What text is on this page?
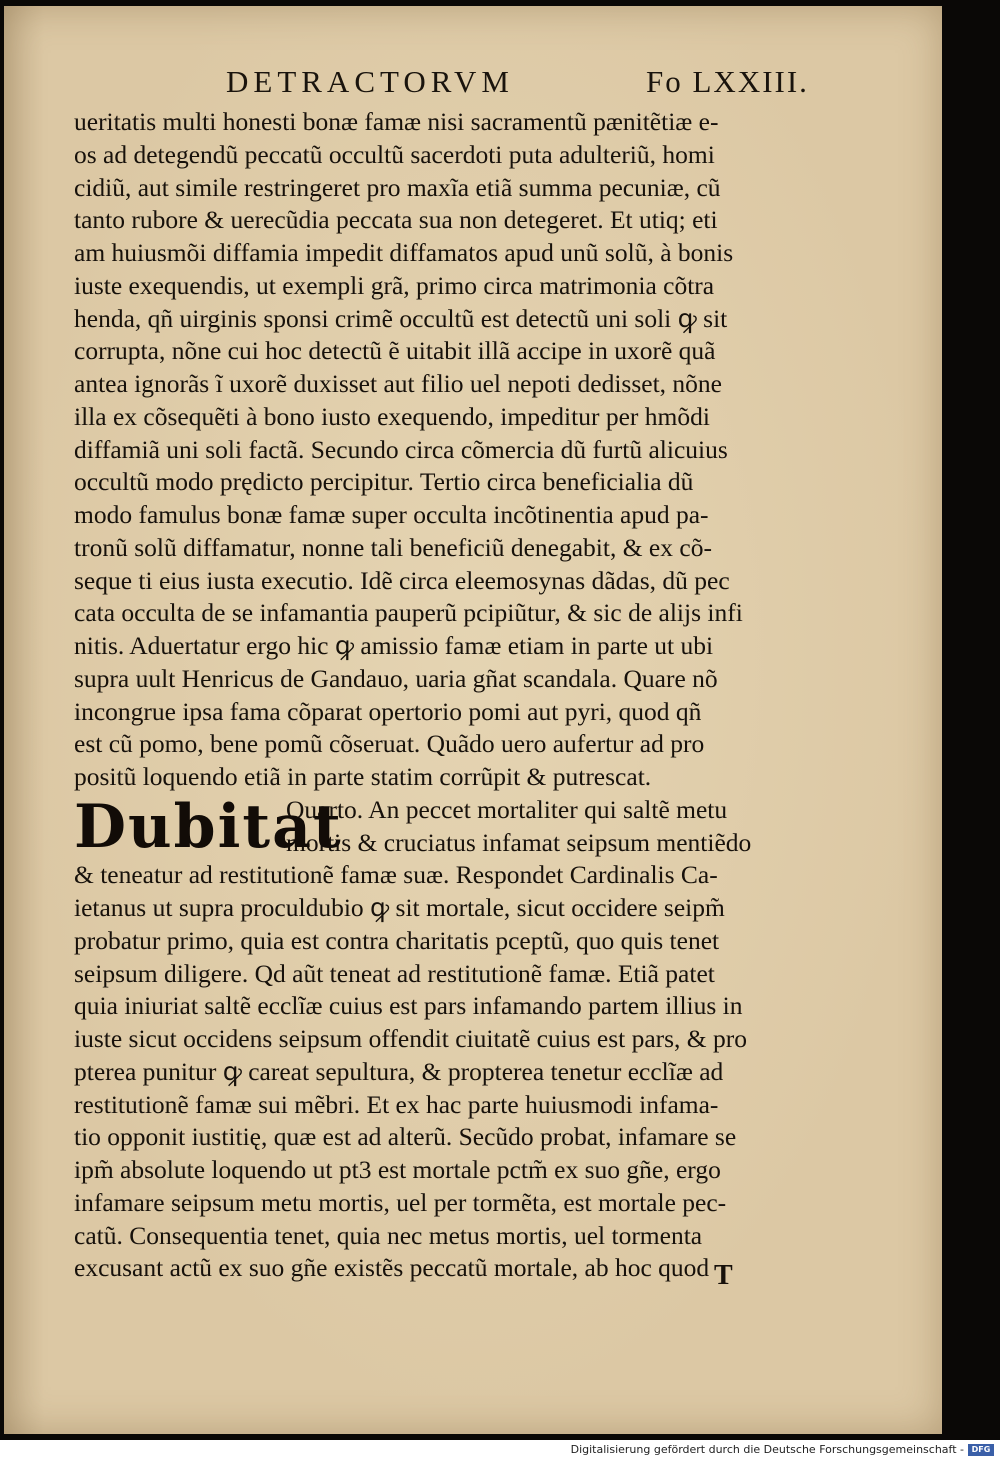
DETRACTORVM	Fo LXXIII.
ueritatis multi honesti bonæ famæ nisi sacramentũ pænitẽtiæ e-
os ad detegendũ peccatũ occultũ sacerdoti puta adulteriũ, homi
cidiũ, aut simile restringeret pro maxĩa etiã summa pecuniæ, cũ
tanto rubore & uerecũdia peccata sua non detegeret. Et utiq; eti
am huiusmõi diffamia impedit diffamatos apud unũ solũ, à bonis
iuste exequendis, ut exempli grã, primo circa matrimonia cõtra
henda, qñ uirginis sponsi crimẽ occultũ est detectũ uni soli ꝙ sit
corrupta, nõne cui hoc detectũ ẽ uitabit illã accipe in uxorẽ quã
antea ignorãs ĩ uxorẽ duxisset aut filio uel nepoti dedisset, nõne
illa ex cõsequẽti à bono iusto exequendo, impeditur per hmõdi
diffamiã uni soli factã. Secundo circa cõmercia dũ furtũ alicuius
occultũ modo prędicto percipitur. Tertio circa beneficialia dũ
modo famulus bonæ famæ super occulta incõtinentia apud pa-
tronũ solũ diffamatur, nonne tali beneficiũ denegabit, & ex cõ-
seque ti eius iusta executio. Idẽ circa eleemosynas dãdas, dũ pec
cata occulta de se infamantia pauperũ pcipiũtur, & sic de alijs infi
nitis. Aduertatur ergo hic ꝙ amissio famæ etiam in parte ut ubi
supra uult Henricus de Gandauo, uaria gñat scandala. Quare nõ
incongrue ipsa fama cõparat opertorio pomi aut pyri, quod qñ
est cũ pomo, bene pomũ cõseruat. Quãdo uero aufertur ad pro
positũ loquendo etiã in parte statim corrũpit & putrescat.
Dubitat
Quarto. An peccet mortaliter qui saltẽ metu
mortis & cruciatus infamat seipsum mentiẽdo
& teneatur ad restitutionẽ famæ suæ. Respondet Cardinalis Ca-
ietanus ut supra proculdubio ꝙ sit mortale, sicut occidere seipm̃
probatur primo, quia est contra charitatis pceptũ, quo quis tenet
seipsum diligere. Qd aũt teneat ad restitutionẽ famæ. Etiã patet
quia iniuriat saltẽ ecclĩæ cuius est pars infamando partem illius in
iuste sicut occidens seipsum offendit ciuitatẽ cuius est pars, & pro
pterea punitur ꝙ careat sepultura, & propterea tenetur ecclĩæ ad
restitutionẽ famæ sui mẽbri. Et ex hac parte huiusmodi infama-
tio opponit iustitię, quæ est ad alterũ. Secũdo probat, infamare se
ipm̃ absolute loquendo ut pt3 est mortale pctm̃ ex suo gñe, ergo
infamare seipsum metu mortis, uel per tormẽta, est mortale pec-
catũ. Consequentia tenet, quia nec metus mortis, uel tormenta
excusant actũ ex suo gñe existẽs peccatũ mortale, ab hoc quod T
Digitalisierung gefördert durch die Deutsche Forschungsgemeinschaft - DFG
